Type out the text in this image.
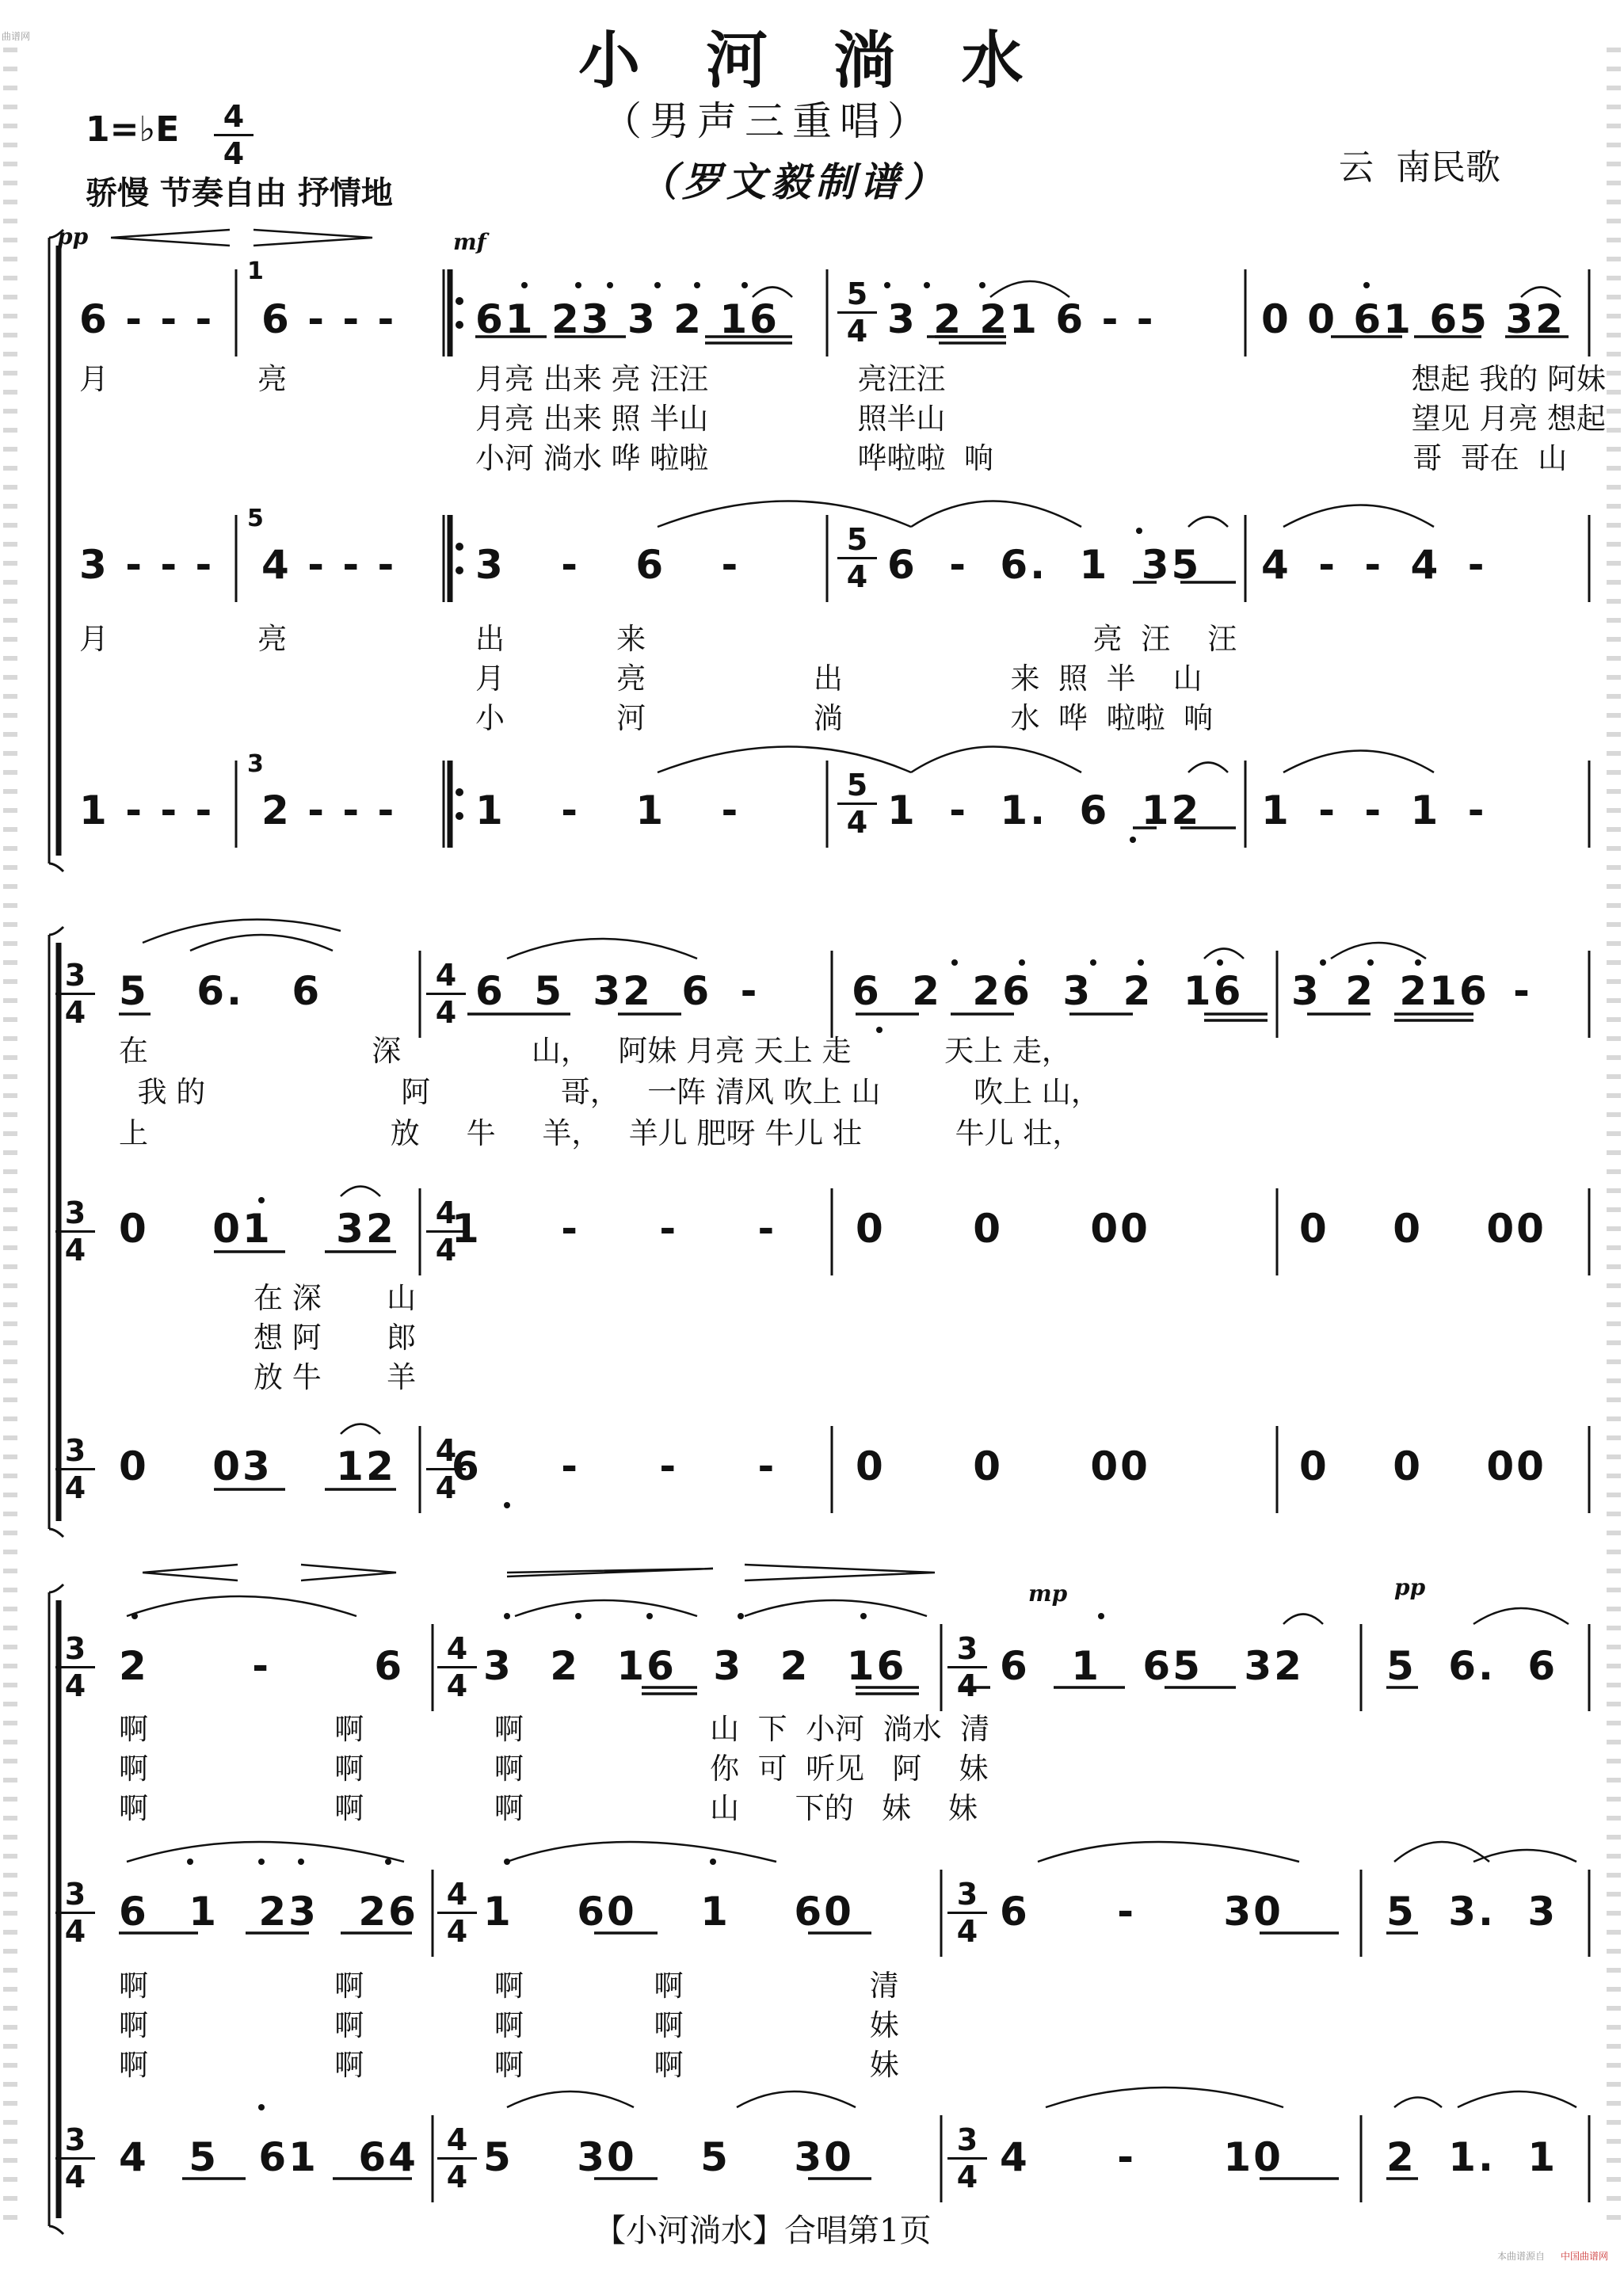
小 河 淌 水
（男声三重唱）
（罗文毅制谱）
1=♭E $\frac{4}{4}$
骄慢 节奏自由 抒情地
云  南民歌
5
4
5
4
5
4
1
5
3
3
4
4
4
3
4
4
4
3
4
4
4
3
4
4
4
3
4
3
4
4
4
3
4
3
4
4
4
3
4
pp	mf
mp	pp
6 - - - 6 - - - 61 23 3 2 16	3 2 21 6 - -	0 0 61 65 32
月                亮	月亮 出来 亮 汪汪                亮汪汪                                                  想起 我的 阿妹
月亮 出来 照 半山                照半山                                                  望见 月亮 想起
小河 淌水 哗 啦啦                哗啦啦  响                                             哥  哥在  山
3 - - - 4 - - - 3 - 6 -	6 - 6. 1 35 4 - - 4 -
月                亮	出            来                                                亮  汪    汪
月            亮                  出                  来  照  半    山
小            河                  淌                  水  哗  啦啦  响
1 - - - 2 - - - 1 - 1 -	1 - 1. 6 12 1 - - 1 -
5 6. 6	6 5 32 6 - 6 2 26 3 2 16 3 2 216 -
在                        深              山，   阿妹 月亮 天上 走          天上 走，
我 的                     阿              哥，   一阵 清风 吹上 山          吹上 山，
上                          放     牛     羊，   羊儿 肥呀 牛儿 壮          牛儿 壮，
0 01 32 1 - - - 0 0 00	0 0 00
在 深       山
想 阿       郎
放 牛       羊
0 03 12 6 - - - 0 0 00	0 0 00
2 - 6 3 2 16 3 2 16 6 1 65 32 5 6. 6
啊                    啊              啊                    山  下  小河  淌水  清
啊                    啊              啊                    你  可  听见   阿    妹
啊                    啊              啊                    山      下的   妹    妹
6 1 23 26 1 60 1 60	6 - 30	5 3. 3
啊                    啊              啊              啊                    清
啊                    啊              啊              啊                    妹
啊                    啊              啊              啊                    妹
4 5 61 64 5 30 5 30	4 - 10	2 1. 1
【小河淌水】合唱第1页
本曲谱源自 中国曲谱网
曲谱网
